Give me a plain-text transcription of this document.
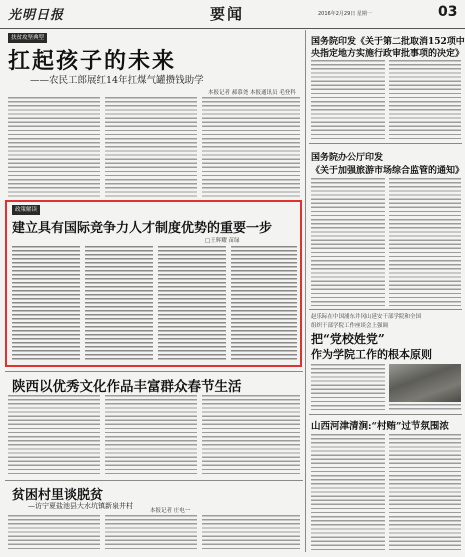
光明日报	要闻	2016年2月29日 星期一	03
扶贫攻坚典型
扛起孩子的未来
——农民工郎展红14年扛煤气罐攒钱助学
本报记者 郝慕尧 本报通讯员 毛登科
政策解读
建立具有国际竞争力人才制度优势的重要一步
□王辉耀 苗绿
陕西以优秀文化作品丰富群众春节生活
贫困村里谈脱贫
—访宁夏盐池县大水坑镇新泉井村
本报记者 庄电一
国务院印发《关于第二批取消152项中
央指定地方实施行政审批事项的决定》
国务院办公厅印发
《关于加强旅游市场综合监管的通知》
赵乐际在中国浦东井冈山延安干部学院和全国
组织干部学院工作座谈会上强调
把“党校姓党”
作为学院工作的根本原则
山西河津清涧:“村贿”过节氛围浓
